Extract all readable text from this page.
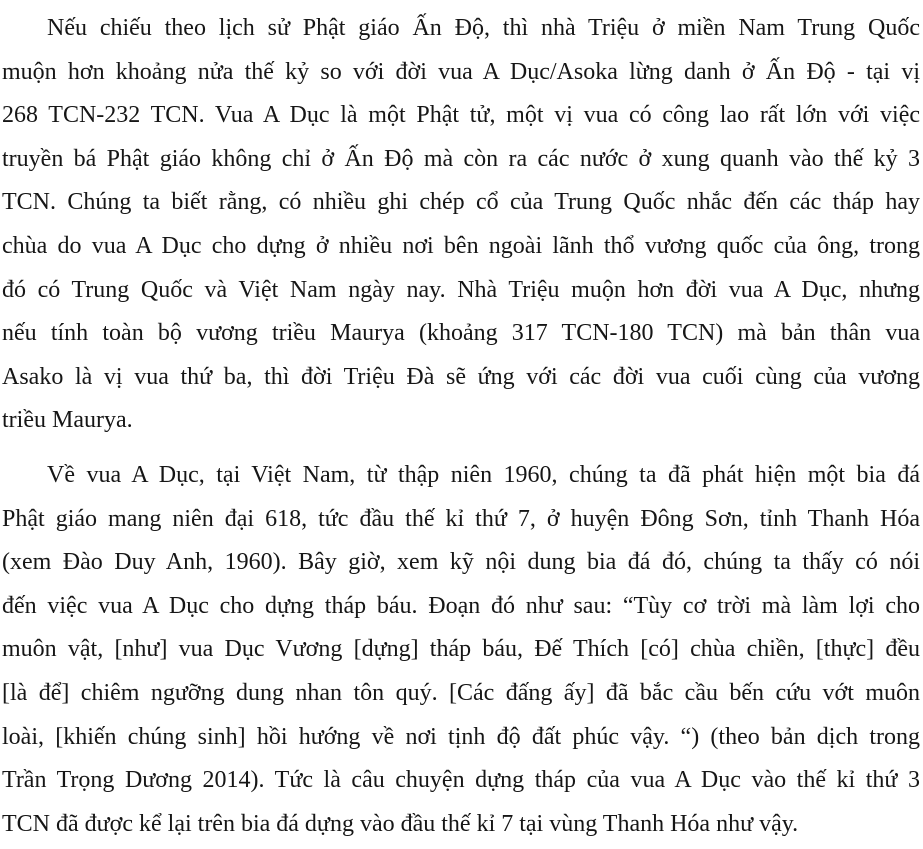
Nếu chiếu theo lịch sử Phật giáo Ấn Độ, thì nhà Triệu ở miền Nam Trung Quốc
muộn hơn khoảng nửa thế kỷ so với đời vua A Dục/Asoka lừng danh ở Ấn Độ - tại vị
268 TCN-232 TCN. Vua A Dục là một Phật tử, một vị vua có công lao rất lớn với việc
truyền bá Phật giáo không chỉ ở Ấn Độ mà còn ra các nước ở xung quanh vào thế kỷ 3
TCN. Chúng ta biết rằng, có nhiều ghi chép cổ của Trung Quốc nhắc đến các tháp hay
chùa do vua A Dục cho dựng ở nhiều nơi bên ngoài lãnh thổ vương quốc của ông, trong
đó có Trung Quốc và Việt Nam ngày nay. Nhà Triệu muộn hơn đời vua A Dục, nhưng
nếu tính toàn bộ vương triều Maurya (khoảng 317 TCN-180 TCN) mà bản thân vua
Asako là vị vua thứ ba, thì đời Triệu Đà sẽ ứng với các đời vua cuối cùng của vương
triều Maurya.
Về vua A Dục, tại Việt Nam, từ thập niên 1960, chúng ta đã phát hiện một bia đá
Phật giáo mang niên đại 618, tức đầu thế kỉ thứ 7, ở huyện Đông Sơn, tỉnh Thanh Hóa
(xem Đào Duy Anh, 1960). Bây giờ, xem kỹ nội dung bia đá đó, chúng ta thấy có nói
đến việc vua A Dục cho dựng tháp báu. Đoạn đó như sau: “Tùy cơ trời mà làm lợi cho
muôn vật, [như] vua Dục Vương [dựng] tháp báu, Đế Thích [có] chùa chiền, [thực] đều
[là để] chiêm ngưỡng dung nhan tôn quý. [Các đấng ấy] đã bắc cầu bến cứu vớt muôn
loài, [khiến chúng sinh] hồi hướng về nơi tịnh độ đất phúc vậy. “) (theo bản dịch trong
Trần Trọng Dương 2014). Tức là câu chuyện dựng tháp của vua A Dục vào thế kỉ thứ 3
TCN đã được kể lại trên bia đá dựng vào đầu thế kỉ 7 tại vùng Thanh Hóa như vậy.
